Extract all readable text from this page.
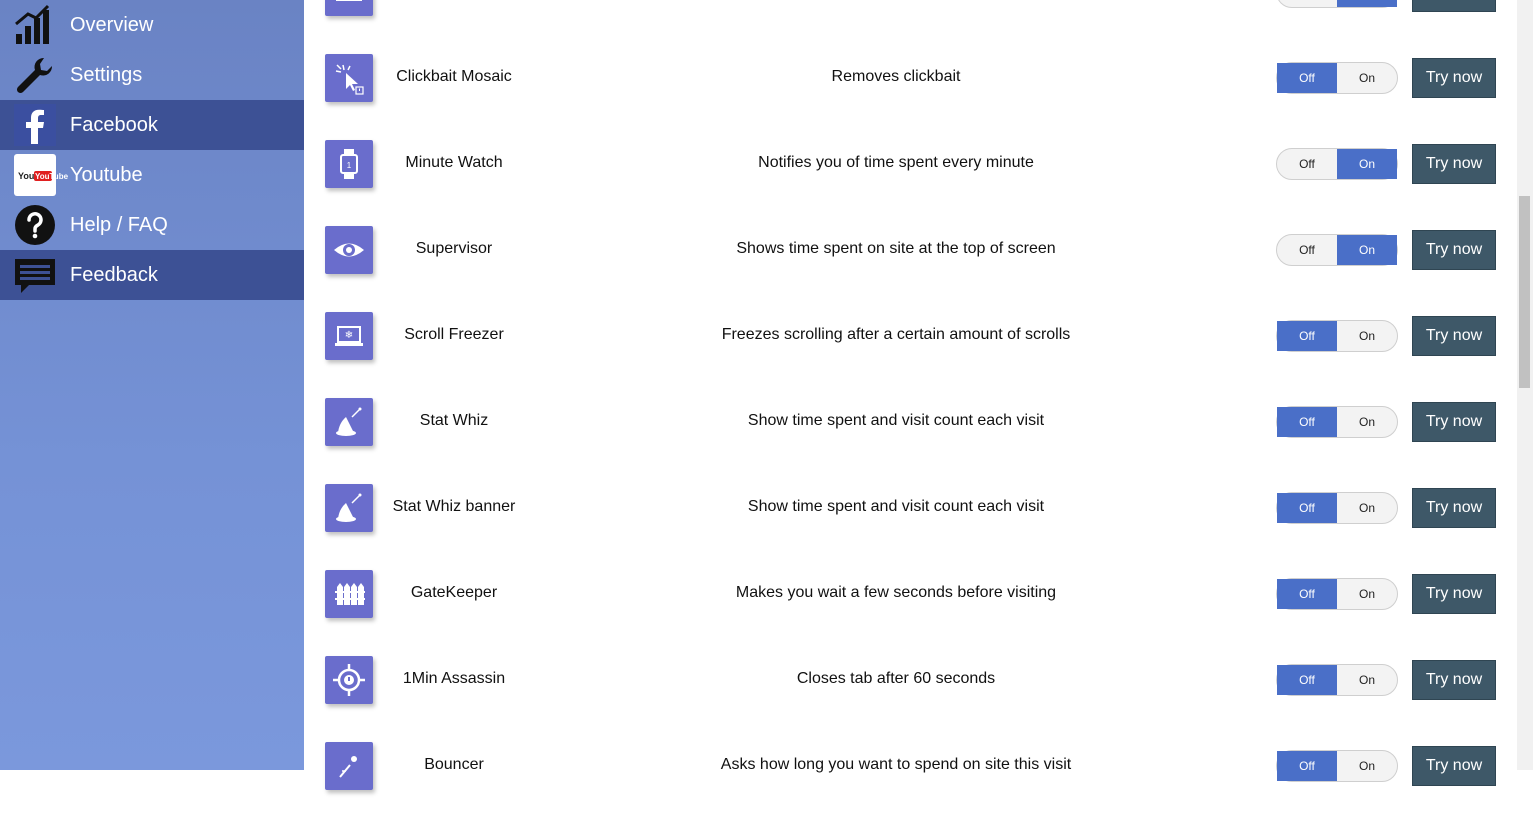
Overview
Settings
Facebook
You YouTube Youtube
Help / FAQ
Feedback
Clickbait Mosaic	Removes clickbait	Off	On	Try now
1	Minute Watch	Notifies you of time spent every minute	Off	On	Try now
Supervisor	Shows time spent on site at the top of screen	Off	On	Try now
❄	Scroll Freezer	Freezes scrolling after a certain amount of scrolls	Off	On	Try now
Stat Whiz	Show time spent and visit count each visit	Off	On	Try now
Stat Whiz banner	Show time spent and visit count each visit	Off	On	Try now
GateKeeper	Makes you wait a few seconds before visiting	Off	On	Try now
1Min Assassin	Closes tab after 60 seconds	Off	On	Try now
Bouncer	Asks how long you want to spend on site this visit	Off	On	Try now
